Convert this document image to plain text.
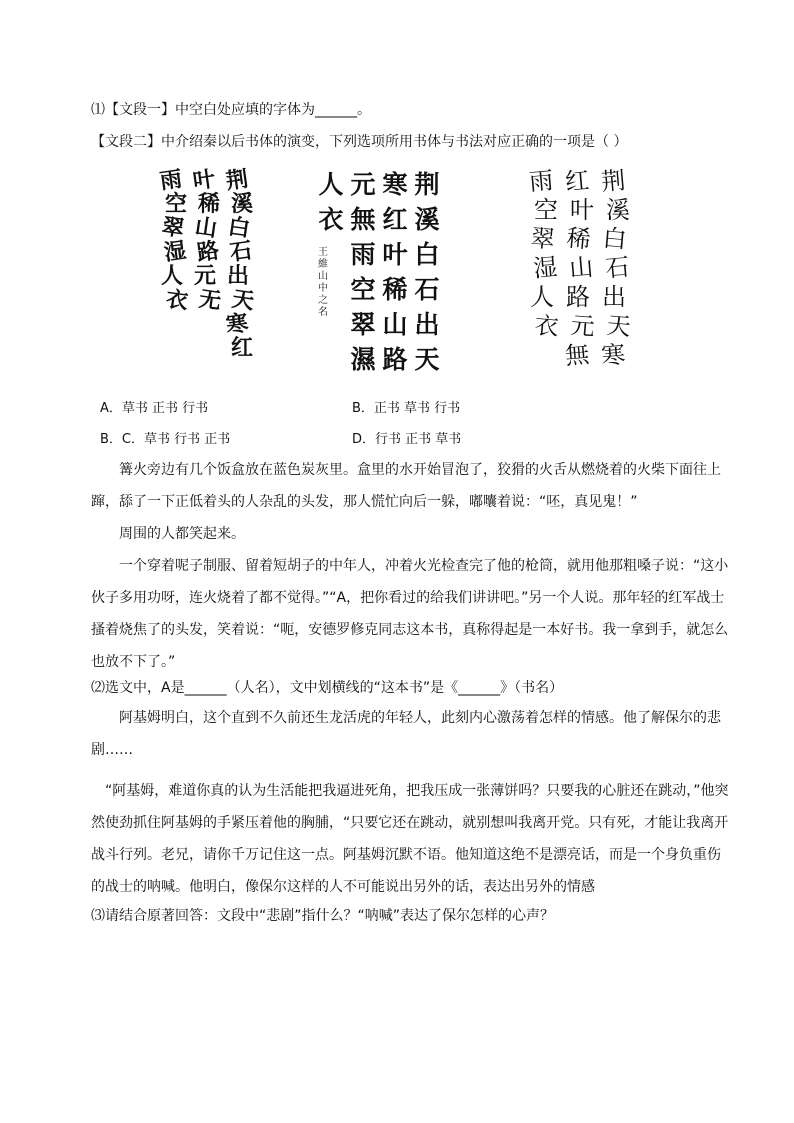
⑴【文段一】中空白处应填的字体为______。
【文段二】中介绍秦以后书体的演变，下列选项所用书体与书法对应正确的一项是（ ）
荆
溪
白
石
出
天
寒
红
叶
稀
山
路
元
无
雨
空
翠
湿
人
衣
荆
溪
白
石
出
天
寒
红
叶
稀
山
路
元
無
雨
空
翠
濕
人
衣
王
維
山
中
之
名
荆
溪
白
石
出
天
寒
红
叶
稀
山
路
元
無
雨
空
翠
湿
人
衣
A．草书 正书 行书	B．正书 草书 行书
B．C．草书 行书 正书	D．行书 正书 草书
篝火旁边有几个饭盒放在蓝色炭灰里。盒里的水开始冒泡了，狡猾的火舌从燃烧着的火柴下面往上蹿，舔了一下正低着头的人杂乱的头发，那人慌忙向后一躲，嘟囔着说：“呸，真见鬼！”
周围的人都笑起来。
一个穿着呢子制服、留着短胡子的中年人，冲着火光检查完了他的枪筒，就用他那粗嗓子说：“这小伙子多用功呀，连火烧着了都不觉得。”“A，把你看过的给我们讲讲吧。”另一个人说。那年轻的红军战士搔着烧焦了的头发，笑着说：“呃，安德罗修克同志这本书，真称得起是一本好书。我一拿到手，就怎么也放不下了。”
⑵选文中，A是______（人名），文中划横线的“这本书”是《______》（书名）
阿基姆明白，这个直到不久前还生龙活虎的年轻人，此刻内心激荡着怎样的情感。他了解保尔的悲剧……
“阿基姆，难道你真的认为生活能把我逼进死角，把我压成一张薄饼吗？只要我的心脏还在跳动，”他突然使劲抓住阿基姆的手紧压着他的胸脯，“只要它还在跳动，就别想叫我离开党。只有死，才能让我离开战斗行列。老兄，请你千万记住这一点。阿基姆沉默不语。他知道这绝不是漂亮话，而是一个身负重伤的战士的呐喊。他明白，像保尔这样的人不可能说出另外的话，表达出另外的情感
⑶请结合原著回答：文段中“悲剧”指什么？“呐喊”表达了保尔怎样的心声？
